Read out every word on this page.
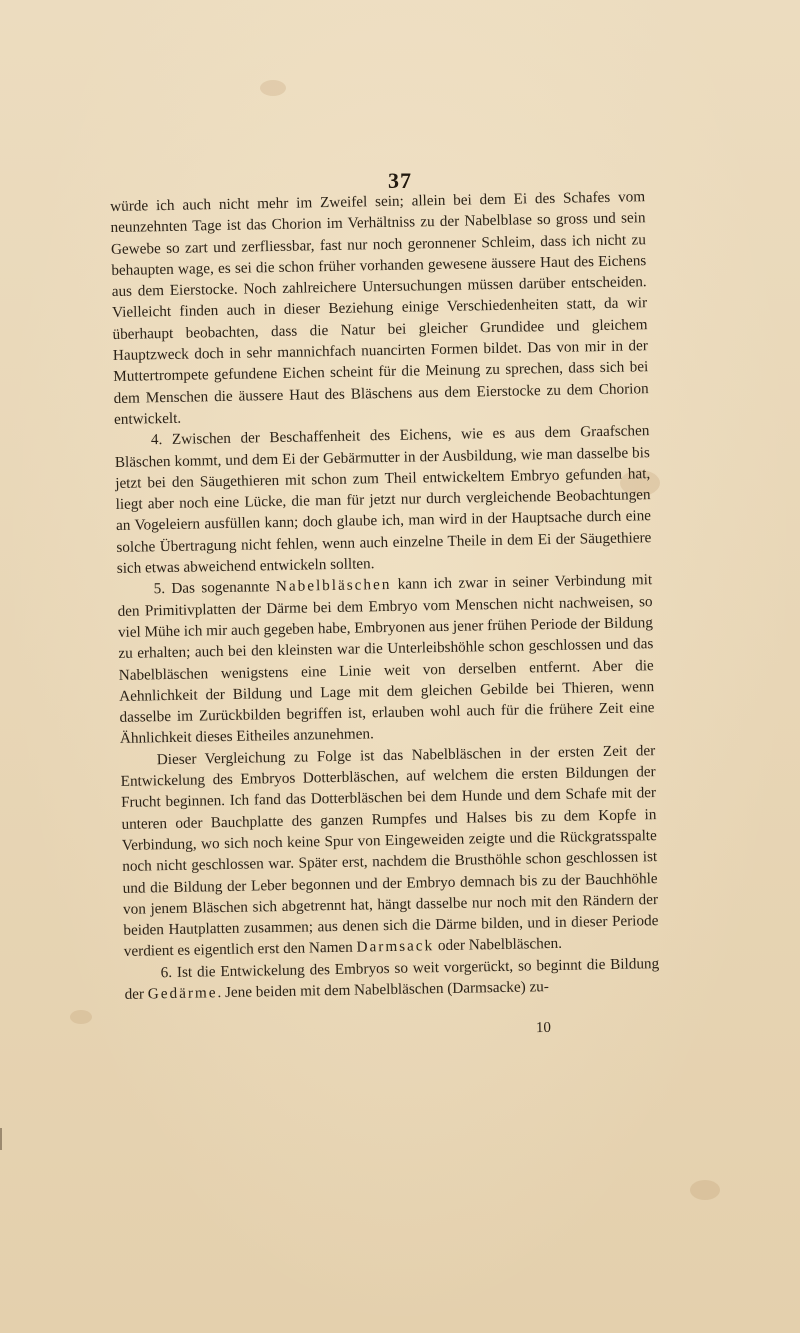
37

würde ich auch nicht mehr im Zweifel sein; allein bei dem Ei des Schafes vom neunzehnten Tage ist das Chorion im Verhältniss zu der Nabelblase so gross und sein Gewebe so zart und zerfliessbar, fast nur noch geronnener Schleim, dass ich nicht zu behaupten wage, es sei die schon früher vorhanden gewesene äussere Haut des Eichens aus dem Eierstocke. Noch zahlreichere Untersuchungen müssen darüber entscheiden. Vielleicht finden auch in dieser Beziehung einige Verschiedenheiten statt, da wir überhaupt beobachten, dass die Natur bei gleicher Grundidee und gleichem Hauptzweck doch in sehr mannichfach nuancirten Formen bildet. Das von mir in der Muttertrompete gefundene Eichen scheint für die Meinung zu sprechen, dass sich bei dem Menschen die äussere Haut des Bläschens aus dem Eierstocke zu dem Chorion entwickelt.

4. Zwischen der Beschaffenheit des Eichens, wie es aus dem Graafschen Bläschen kommt, und dem Ei der Gebärmutter in der Ausbildung, wie man dasselbe bis jetzt bei den Säugethieren mit schon zum Theil entwickeltem Embryo gefunden hat, liegt aber noch eine Lücke, die man für jetzt nur durch vergleichende Beobachtungen an Vogeleiern ausfüllen kann; doch glaube ich, man wird in der Hauptsache durch eine solche Übertragung nicht fehlen, wenn auch einzelne Theile in dem Ei der Säugethiere sich etwas abweichend entwickeln sollten.

5. Das sogenannte Nabelbläschen kann ich zwar in seiner Verbindung mit den Primitivplatten der Därme bei dem Embryo vom Menschen nicht nachweisen, so viel Mühe ich mir auch gegeben habe, Embryonen aus jener frühen Periode der Bildung zu erhalten; auch bei den kleinsten war die Unterleibshöhle schon geschlossen und das Nabelbläschen wenigstens eine Linie weit von derselben entfernt. Aber die Aehnlichkeit der Bildung und Lage mit dem gleichen Gebilde bei Thieren, wenn dasselbe im Zurückbilden begriffen ist, erlauben wohl auch für die frühere Zeit eine Ähnlichkeit dieses Eitheiles anzunehmen.

Dieser Vergleichung zu Folge ist das Nabelbläschen in der ersten Zeit der Entwickelung des Embryos Dotterbläschen, auf welchem die ersten Bildungen der Frucht beginnen. Ich fand das Dotterbläschen bei dem Hunde und dem Schafe mit der unteren oder Bauchplatte des ganzen Rumpfes und Halses bis zu dem Kopfe in Verbindung, wo sich noch keine Spur von Eingeweiden zeigte und die Rückgratsspalte noch nicht geschlossen war. Später erst, nachdem die Brusthöhle schon geschlossen ist und die Bildung der Leber begonnen und der Embryo demnach bis zu der Bauchhöhle von jenem Bläschen sich abgetrennt hat, hängt dasselbe nur noch mit den Rändern der beiden Hautplatten zusammen; aus denen sich die Därme bilden, und in dieser Periode verdient es eigentlich erst den Namen Darmsack oder Nabelbläschen.

6. Ist die Entwickelung des Embryos so weit vorgerückt, so beginnt die Bildung der Gedärme. Jene beiden mit dem Nabelbläschen (Darmsacke) zu-

10
